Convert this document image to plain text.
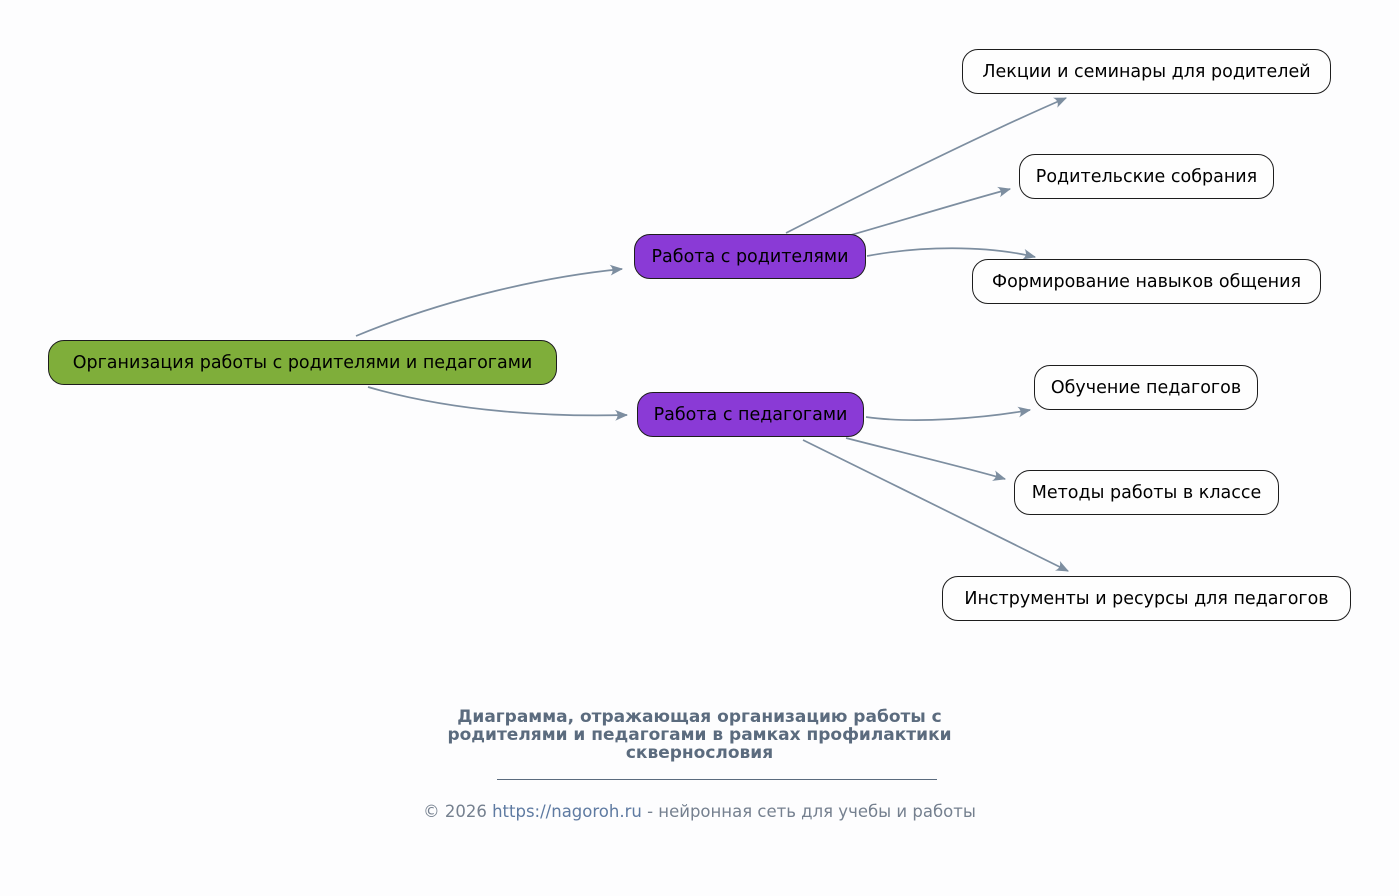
Организация работы с родителями и педагогами
Работа с родителями
Работа с педагогами
Лекции и семинары для родителей
Родительские собрания
Формирование навыков общения
Обучение педагогов
Методы работы в классе
Инструменты и ресурсы для педагогов
Диаграмма, отражающая организацию работы с родителями и педагогами в рамках профилактики сквернословия
© 2026 https://nagoroh.ru - нейронная сеть для учебы и работы
